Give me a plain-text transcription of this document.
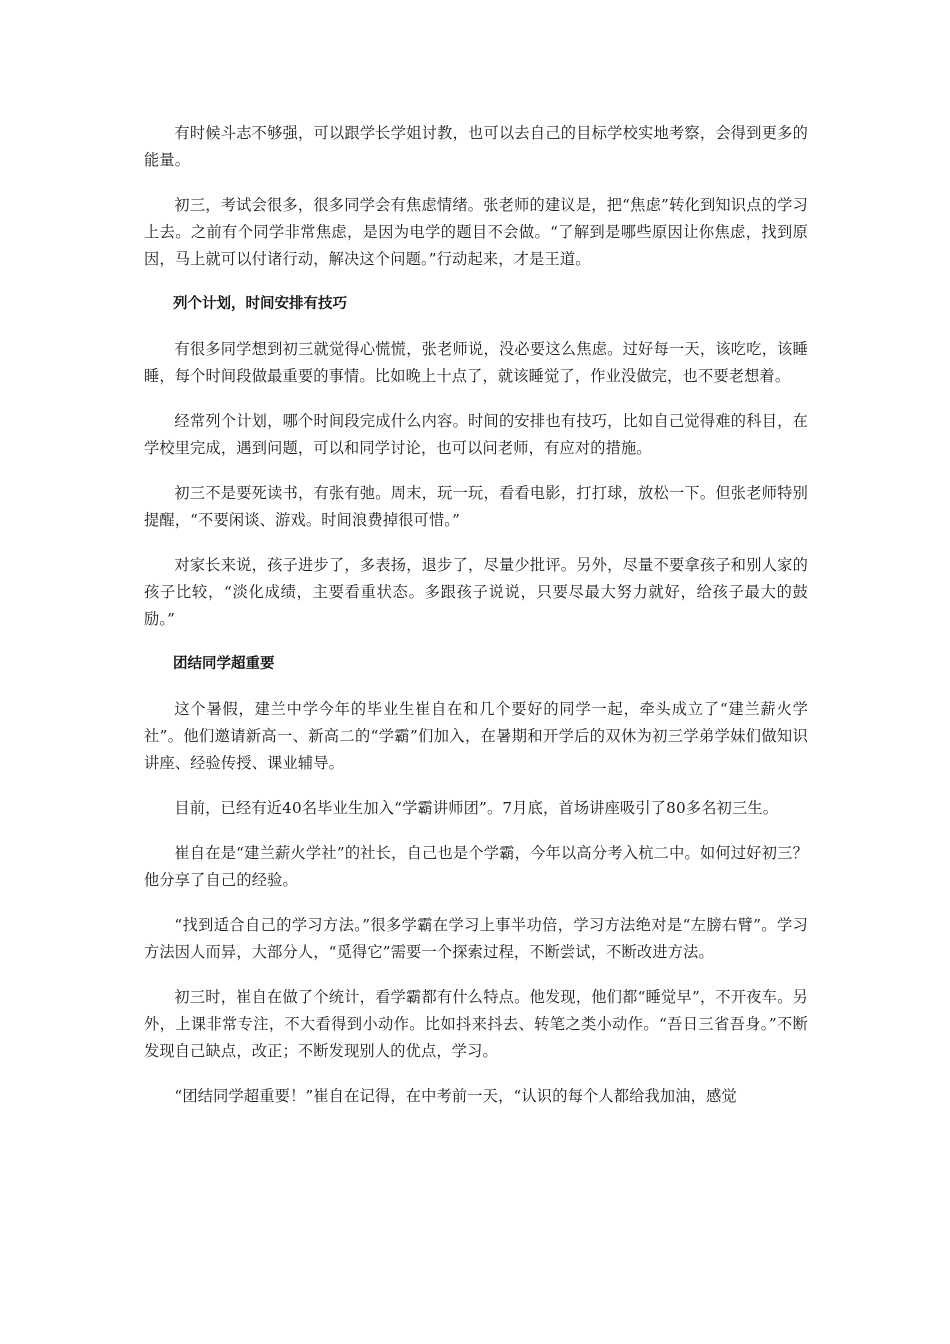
有时候斗志不够强，可以跟学长学姐讨教，也可以去自己的目标学校实地考察，会得到更多的能量。

初三，考试会很多，很多同学会有焦虑情绪。张老师的建议是，把“焦虑”转化到知识点的学习上去。之前有个同学非常焦虑，是因为电学的题目不会做。“了解到是哪些原因让你焦虑，找到原因，马上就可以付诸行动，解决这个问题。”行动起来，才是王道。

列个计划，时间安排有技巧

有很多同学想到初三就觉得心慌慌，张老师说，没必要这么焦虑。过好每一天，该吃吃，该睡睡，每个时间段做最重要的事情。比如晚上十点了，就该睡觉了，作业没做完，也不要老想着。

经常列个计划，哪个时间段完成什么内容。时间的安排也有技巧，比如自己觉得难的科目，在学校里完成，遇到问题，可以和同学讨论，也可以问老师，有应对的措施。

初三不是要死读书，有张有弛。周末，玩一玩，看看电影，打打球，放松一下。但张老师特别提醒，“不要闲谈、游戏。时间浪费掉很可惜。”

对家长来说，孩子进步了，多表扬，退步了，尽量少批评。另外，尽量不要拿孩子和别人家的孩子比较，“淡化成绩，主要看重状态。多跟孩子说说，只要尽最大努力就好，给孩子最大的鼓励。”

团结同学超重要

这个暑假，建兰中学今年的毕业生崔自在和几个要好的同学一起，牵头成立了“建兰薪火学社”。他们邀请新高一、新高二的“学霸”们加入，在暑期和开学后的双休为初三学弟学妹们做知识讲座、经验传授、课业辅导。

目前，已经有近40名毕业生加入“学霸讲师团”。7月底，首场讲座吸引了80多名初三生。

崔自在是“建兰薪火学社”的社长，自己也是个学霸，今年以高分考入杭二中。如何过好初三？他分享了自己的经验。

“找到适合自己的学习方法。”很多学霸在学习上事半功倍，学习方法绝对是“左膀右臂”。学习方法因人而异，大部分人，“觅得它”需要一个探索过程，不断尝试，不断改进方法。

初三时，崔自在做了个统计，看学霸都有什么特点。他发现，他们都“睡觉早”，不开夜车。另外，上课非常专注，不大看得到小动作。比如抖来抖去、转笔之类小动作。“吾日三省吾身。”不断发现自己缺点，改正；不断发现别人的优点，学习。

“团结同学超重要！”崔自在记得，在中考前一天，“认识的每个人都给我加油，感觉
